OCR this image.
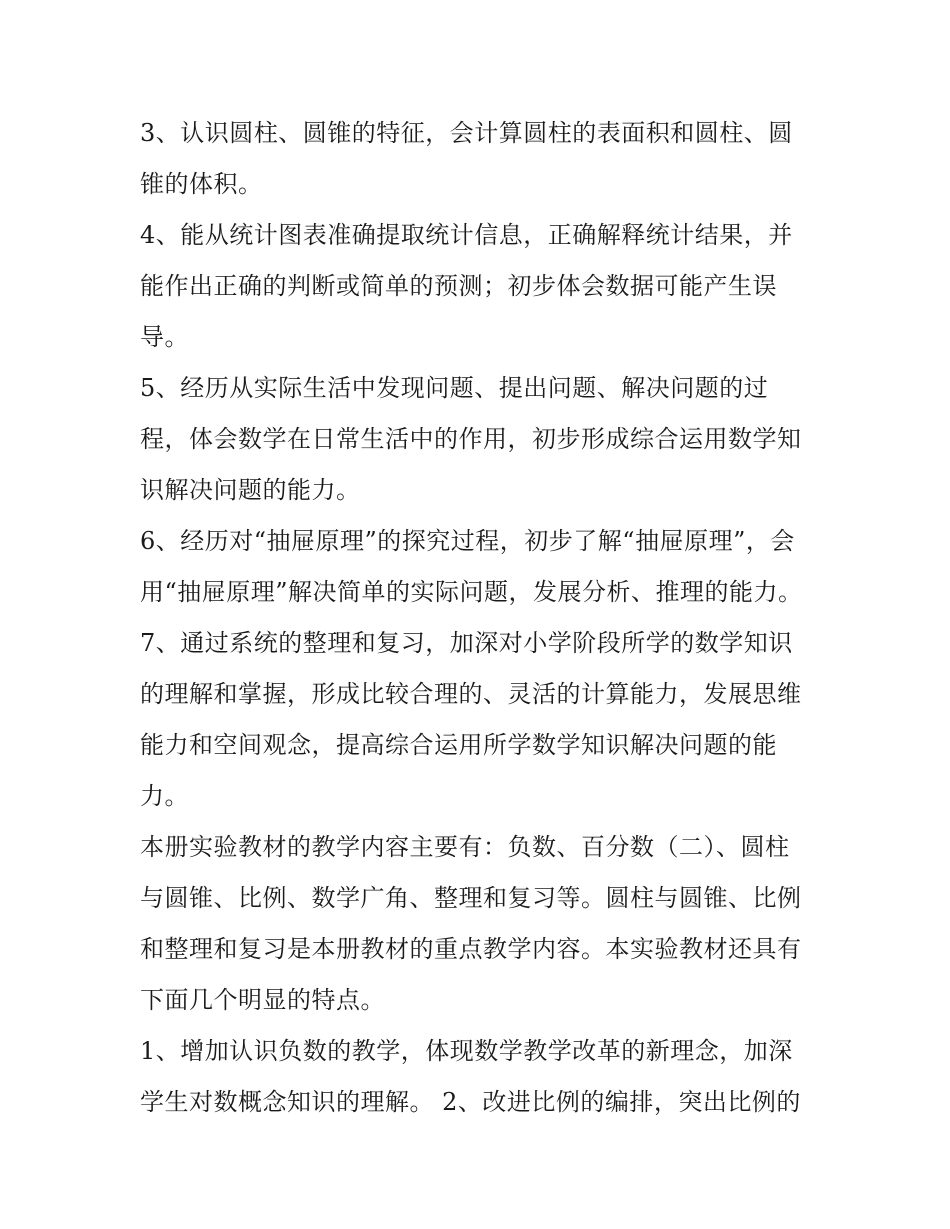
3、认识圆柱、圆锥的特征，会计算圆柱的表面积和圆柱、圆
锥的体积。
4、能从统计图表准确提取统计信息，正确解释统计结果，并
能作出正确的判断或简单的预测；初步体会数据可能产生误
导。
5、经历从实际生活中发现问题、提出问题、解决问题的过
程，体会数学在日常生活中的作用，初步形成综合运用数学知
识解决问题的能力。
6、经历对“抽屉原理”的探究过程，初步了解“抽屉原理”，会
用“抽屉原理”解决简单的实际问题，发展分析、推理的能力。
7、通过系统的整理和复习，加深对小学阶段所学的数学知识
的理解和掌握，形成比较合理的、灵活的计算能力，发展思维
能力和空间观念，提高综合运用所学数学知识解决问题的能
力。
本册实验教材的教学内容主要有：负数、百分数（二）、圆柱
与圆锥、比例、数学广角、整理和复习等。圆柱与圆锥、比例
和整理和复习是本册教材的重点教学内容。本实验教材还具有
下面几个明显的特点。
1、增加认识负数的教学，体现数学教学改革的新理念，加深
学生对数概念知识的理解。 2、改进比例的编排，突出比例的
